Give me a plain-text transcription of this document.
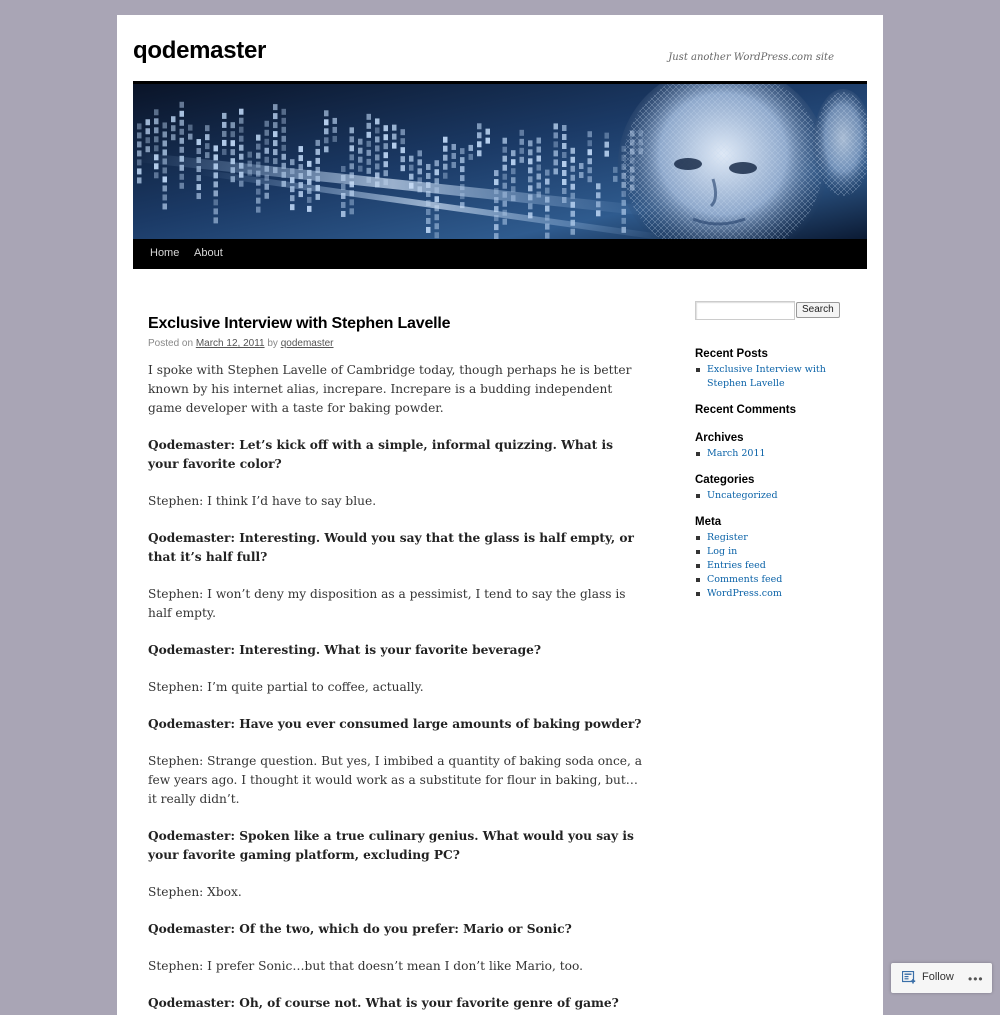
qodemaster	Just another WordPress.com site
Home About
Exclusive Interview with Stephen Lavelle
Posted on March 12, 2011 by qodemaster

I spoke with Stephen Lavelle of Cambridge today, though perhaps he is better known by his internet alias, increpare. Increpare is a budding independent game developer with a taste for baking powder.

Qodemaster: Let’s kick off with a simple, informal quizzing. What is your favorite color?

Stephen: I think I’d have to say blue.

Qodemaster: Interesting. Would you say that the glass is half empty, or that it’s half full?

Stephen: I won’t deny my disposition as a pessimist, I tend to say the glass is half empty.

Qodemaster: Interesting. What is your favorite beverage?

Stephen: I’m quite partial to coffee, actually.

Qodemaster: Have you ever consumed large amounts of baking powder?

Stephen: Strange question. But yes, I imbibed a quantity of baking soda once, a few years ago. I thought it would work as a substitute for flour in baking, but…it really didn’t.

Qodemaster: Spoken like a true culinary genius. What would you say is your favorite gaming platform, excluding PC?

Stephen: Xbox.

Qodemaster: Of the two, which do you prefer: Mario or Sonic?

Stephen: I prefer Sonic…but that doesn’t mean I don’t like Mario, too.

Qodemaster: Oh, of course not. What is your favorite genre of game?

Search
Recent Posts
Exclusive Interview with Stephen Lavelle
Recent Comments
Archives
March 2011
Categories
Uncategorized
Meta
Register
Log in
Entries feed
Comments feed
WordPress.com
Follow •••
